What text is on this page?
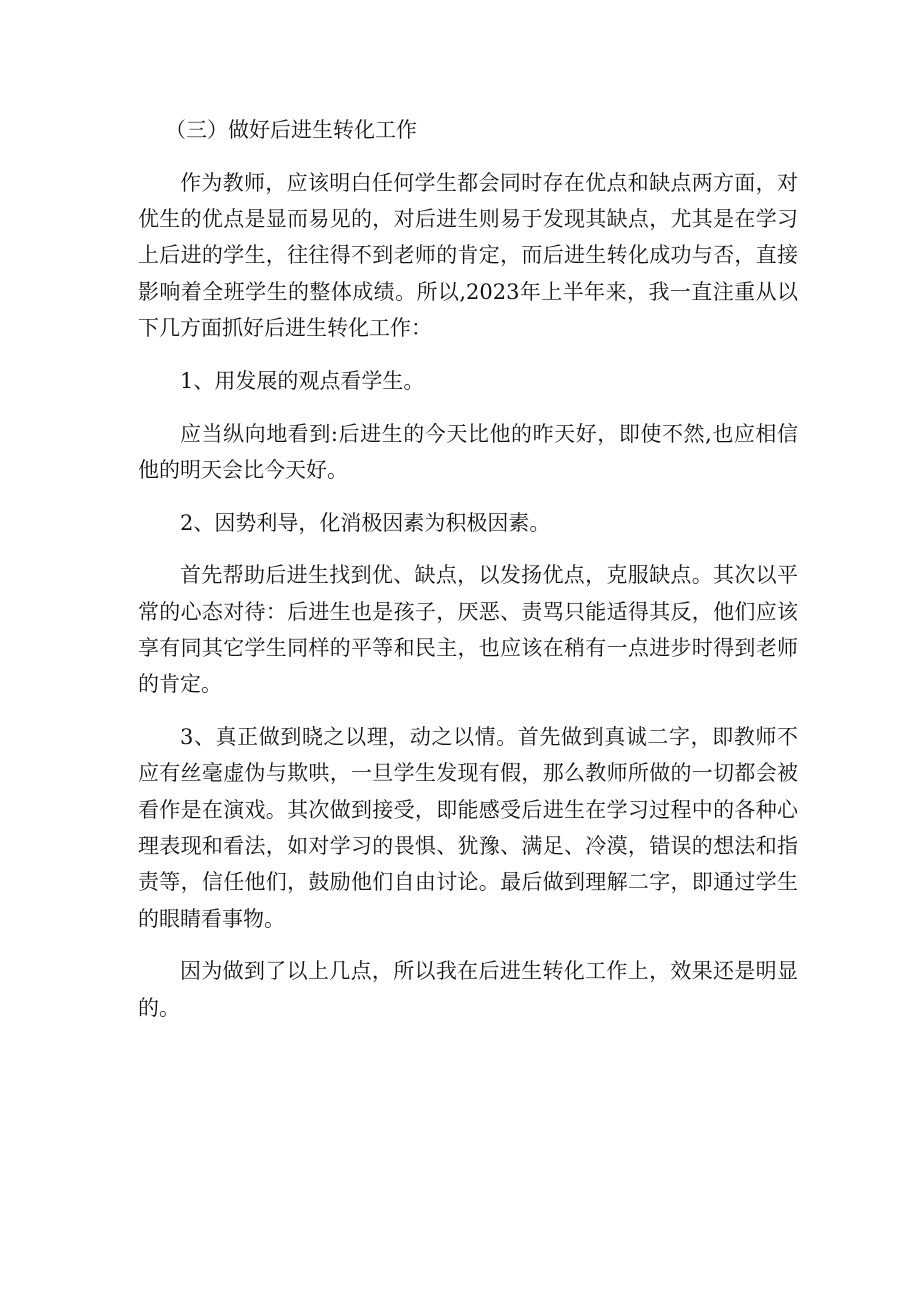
（三）做好后进生转化工作

作为教师，应该明白任何学生都会同时存在优点和缺点两方面，对优生的优点是显而易见的，对后进生则易于发现其缺点，尤其是在学习上后进的学生，往往得不到老师的肯定，而后进生转化成功与否，直接影响着全班学生的整体成绩。所以,2023年上半年来，我一直注重从以下几方面抓好后进生转化工作：

1、用发展的观点看学生。

应当纵向地看到:后进生的今天比他的昨天好，即使不然,也应相信他的明天会比今天好。

2、因势利导，化消极因素为积极因素。

首先帮助后进生找到优、缺点，以发扬优点，克服缺点。其次以平常的心态对待：后进生也是孩子，厌恶、责骂只能适得其反，他们应该享有同其它学生同样的平等和民主，也应该在稍有一点进步时得到老师的肯定。

3、真正做到晓之以理，动之以情。首先做到真诚二字，即教师不应有丝毫虚伪与欺哄，一旦学生发现有假，那么教师所做的一切都会被看作是在演戏。其次做到接受，即能感受后进生在学习过程中的各种心理表现和看法，如对学习的畏惧、犹豫、满足、冷漠，错误的想法和指责等，信任他们，鼓励他们自由讨论。最后做到理解二字，即通过学生的眼睛看事物。

因为做到了以上几点，所以我在后进生转化工作上，效果还是明显的。
